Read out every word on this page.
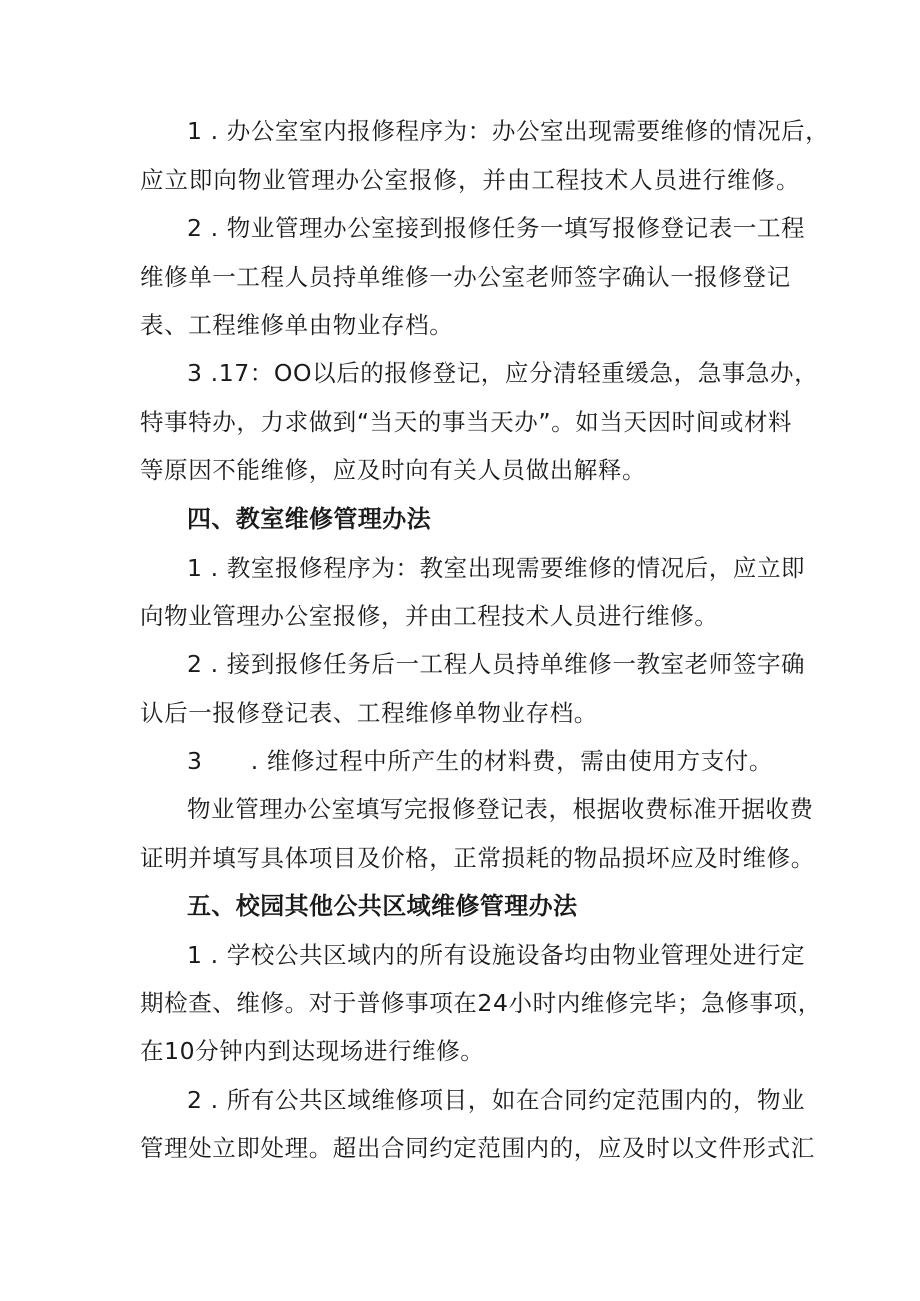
1 . 办公室室内报修程序为：办公室出现需要维修的情况后，
应立即向物业管理办公室报修，并由工程技术人员进行维修。
2 . 物业管理办公室接到报修任务一填写报修登记表一工程
维修单一工程人员持单维修一办公室老师签字确认一报修登记
表、工程维修单由物业存档。
3 .17：OO以后的报修登记，应分清轻重缓急，急事急办，
特事特办，力求做到“当天的事当天办”。如当天因时间或材料
等原因不能维修，应及时向有关人员做出解释。
四、教室维修管理办法
1 . 教室报修程序为：教室出现需要维修的情况后，应立即
向物业管理办公室报修，并由工程技术人员进行维修。
2 . 接到报修任务后一工程人员持单维修一教室老师签字确
认后一报修登记表、工程维修单物业存档。
3　　. 维修过程中所产生的材料费，需由使用方支付。
物业管理办公室填写完报修登记表，根据收费标准开据收费
证明并填写具体项目及价格，正常损耗的物品损坏应及时维修。
五、校园其他公共区域维修管理办法
1 . 学校公共区域内的所有设施设备均由物业管理处进行定
期检查、维修。对于普修事项在24小时内维修完毕；急修事项，
在10分钟内到达现场进行维修。
2 . 所有公共区域维修项目，如在合同约定范围内的，物业
管理处立即处理。超出合同约定范围内的，应及时以文件形式汇
